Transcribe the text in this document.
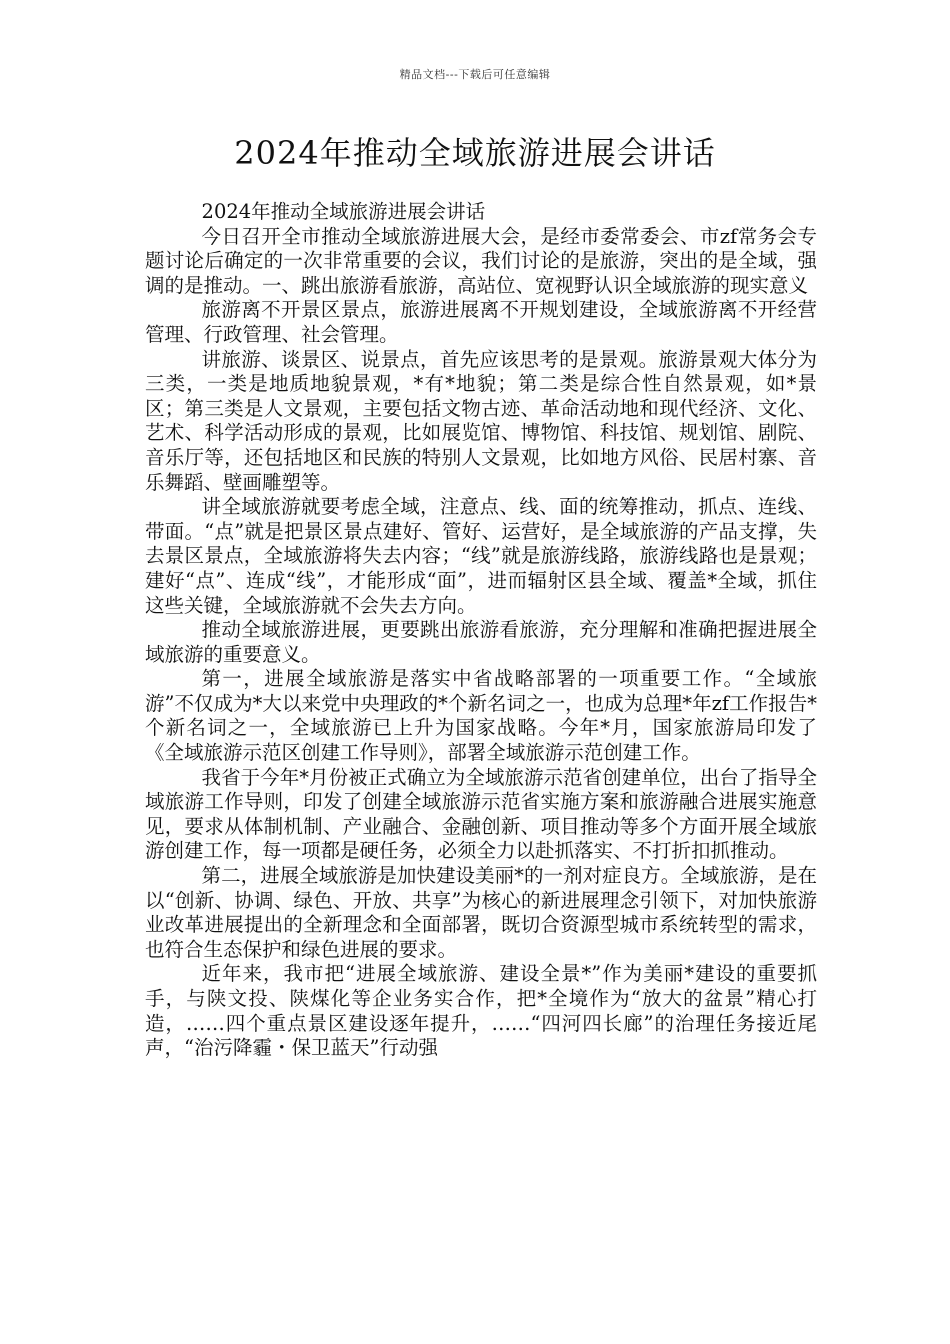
精品文档---下载后可任意编辑
2024年推动全域旅游进展会讲话

2024年推动全域旅游进展会讲话

今日召开全市推动全域旅游进展大会，是经市委常委会、市zf常务会专题讨论后确定的一次非常重要的会议，我们讨论的是旅游，突出的是全域，强调的是推动。一、跳出旅游看旅游，高站位、宽视野认识全域旅游的现实意义

旅游离不开景区景点，旅游进展离不开规划建设，全域旅游离不开经营管理、行政管理、社会管理。

讲旅游、谈景区、说景点，首先应该思考的是景观。旅游景观大体分为三类，一类是地质地貌景观，*有*地貌；第二类是综合性自然景观，如*景区；第三类是人文景观，主要包括文物古迹、革命活动地和现代经济、文化、艺术、科学活动形成的景观，比如展览馆、博物馆、科技馆、规划馆、剧院、音乐厅等，还包括地区和民族的特别人文景观，比如地方风俗、民居村寨、音乐舞蹈、壁画雕塑等。

讲全域旅游就要考虑全域，注意点、线、面的统筹推动，抓点、连线、带面。“点”就是把景区景点建好、管好、运营好，是全域旅游的产品支撑，失去景区景点，全域旅游将失去内容；“线”就是旅游线路，旅游线路也是景观；建好“点”、连成“线”，才能形成“面”，进而辐射区县全域、覆盖*全域，抓住这些关键，全域旅游就不会失去方向。

推动全域旅游进展，更要跳出旅游看旅游，充分理解和准确把握进展全域旅游的重要意义。

第一，进展全域旅游是落实中省战略部署的一项重要工作。“全域旅游”不仅成为*大以来党中央理政的*个新名词之一，也成为总理*年zf工作报告*个新名词之一，全域旅游已上升为国家战略。今年*月，国家旅游局印发了《全域旅游示范区创建工作导则》，部署全域旅游示范创建工作。

我省于今年*月份被正式确立为全域旅游示范省创建单位，出台了指导全域旅游工作导则，印发了创建全域旅游示范省实施方案和旅游融合进展实施意见，要求从体制机制、产业融合、金融创新、项目推动等多个方面开展全域旅游创建工作，每一项都是硬任务，必须全力以赴抓落实、不打折扣抓推动。

第二，进展全域旅游是加快建设美丽*的一剂对症良方。全域旅游，是在以“创新、协调、绿色、开放、共享”为核心的新进展理念引领下，对加快旅游业改革进展提出的全新理念和全面部署，既切合资源型城市系统转型的需求，也符合生态保护和绿色进展的要求。

近年来，我市把“进展全域旅游、建设全景*”作为美丽*建设的重要抓手，与陕文投、陕煤化等企业务实合作，把*全境作为“放大的盆景”精心打造，……四个重点景区建设逐年提升，……“四河四长廊”的治理任务接近尾声，“治污降霾・保卫蓝天”行动强
